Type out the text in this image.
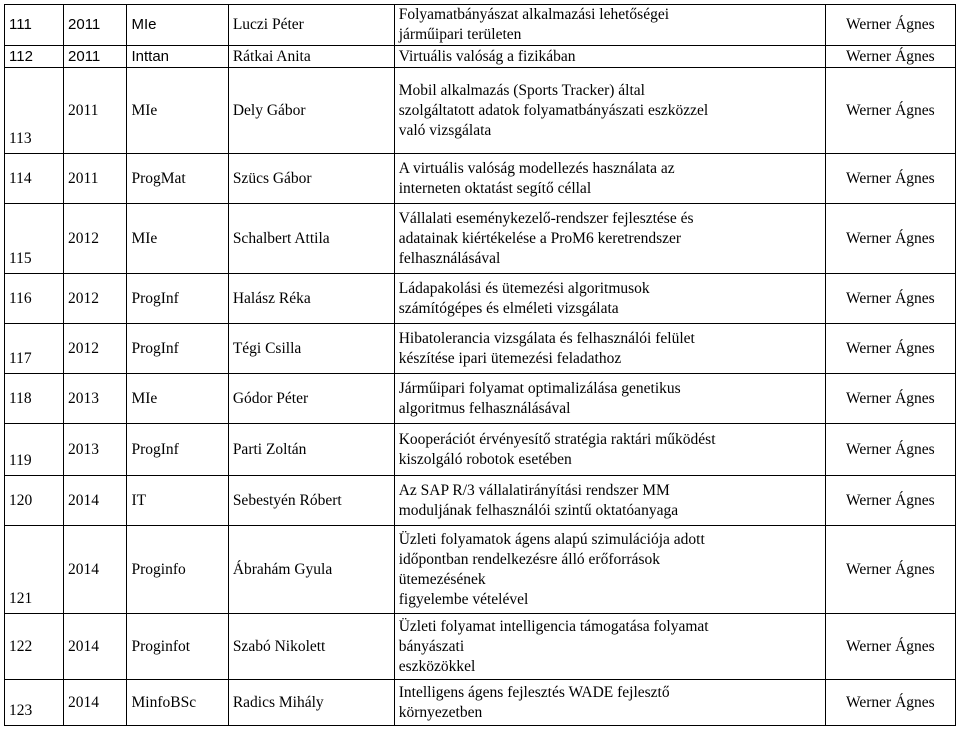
111	2011	MIe	Luczi Péter	Folyamatbányászat alkalmazási lehetőségei
járműipari területen	Werner Ágnes
112	2011	Inttan	Rátkai Anita	Virtuális valóság a fizikában	Werner Ágnes
113	2011	MIe	Dely Gábor	Mobil alkalmazás (Sports Tracker) által
szolgáltatott adatok folyamatbányászati eszközzel
való vizsgálata	Werner Ágnes
114	2011	ProgMat	Szücs Gábor	A virtuális valóság modellezés használata az
interneten oktatást segítő céllal	Werner Ágnes
115	2012	MIe	Schalbert Attila	Vállalati eseménykezelő-rendszer fejlesztése és
adatainak kiértékelése a ProM6 keretrendszer
felhasználásával	Werner Ágnes
116	2012	ProgInf	Halász Réka	Ládapakolási és ütemezési algoritmusok
számítógépes és elméleti vizsgálata	Werner Ágnes
117	2012	ProgInf	Tégi Csilla	Hibatolerancia vizsgálata és felhasználói felület
készítése ipari ütemezési feladathoz	Werner Ágnes
118	2013	MIe	Gódor Péter	Járműipari folyamat optimalizálása genetikus
algoritmus felhasználásával	Werner Ágnes
119	2013	ProgInf	Parti Zoltán	Kooperációt érvényesítő stratégia raktári működést
kiszolgáló robotok esetében	Werner Ágnes
120	2014	IT	Sebestyén Róbert	Az SAP R/3 vállalatirányítási rendszer MM
moduljának felhasználói szintű oktatóanyaga	Werner Ágnes
121	2014	Proginfo	Ábrahám Gyula	Üzleti folyamatok ágens alapú szimulációja adott
időpontban rendelkezésre álló erőforrások
ütemezésének
figyelembe vételével	Werner Ágnes
122	2014	Proginfot	Szabó Nikolett	Üzleti folyamat intelligencia támogatása folyamat
bányászati
eszközökkel	Werner Ágnes
123	2014	MinfoBSc	Radics Mihály	Intelligens ágens fejlesztés WADE fejlesztő
környezetben	Werner Ágnes
